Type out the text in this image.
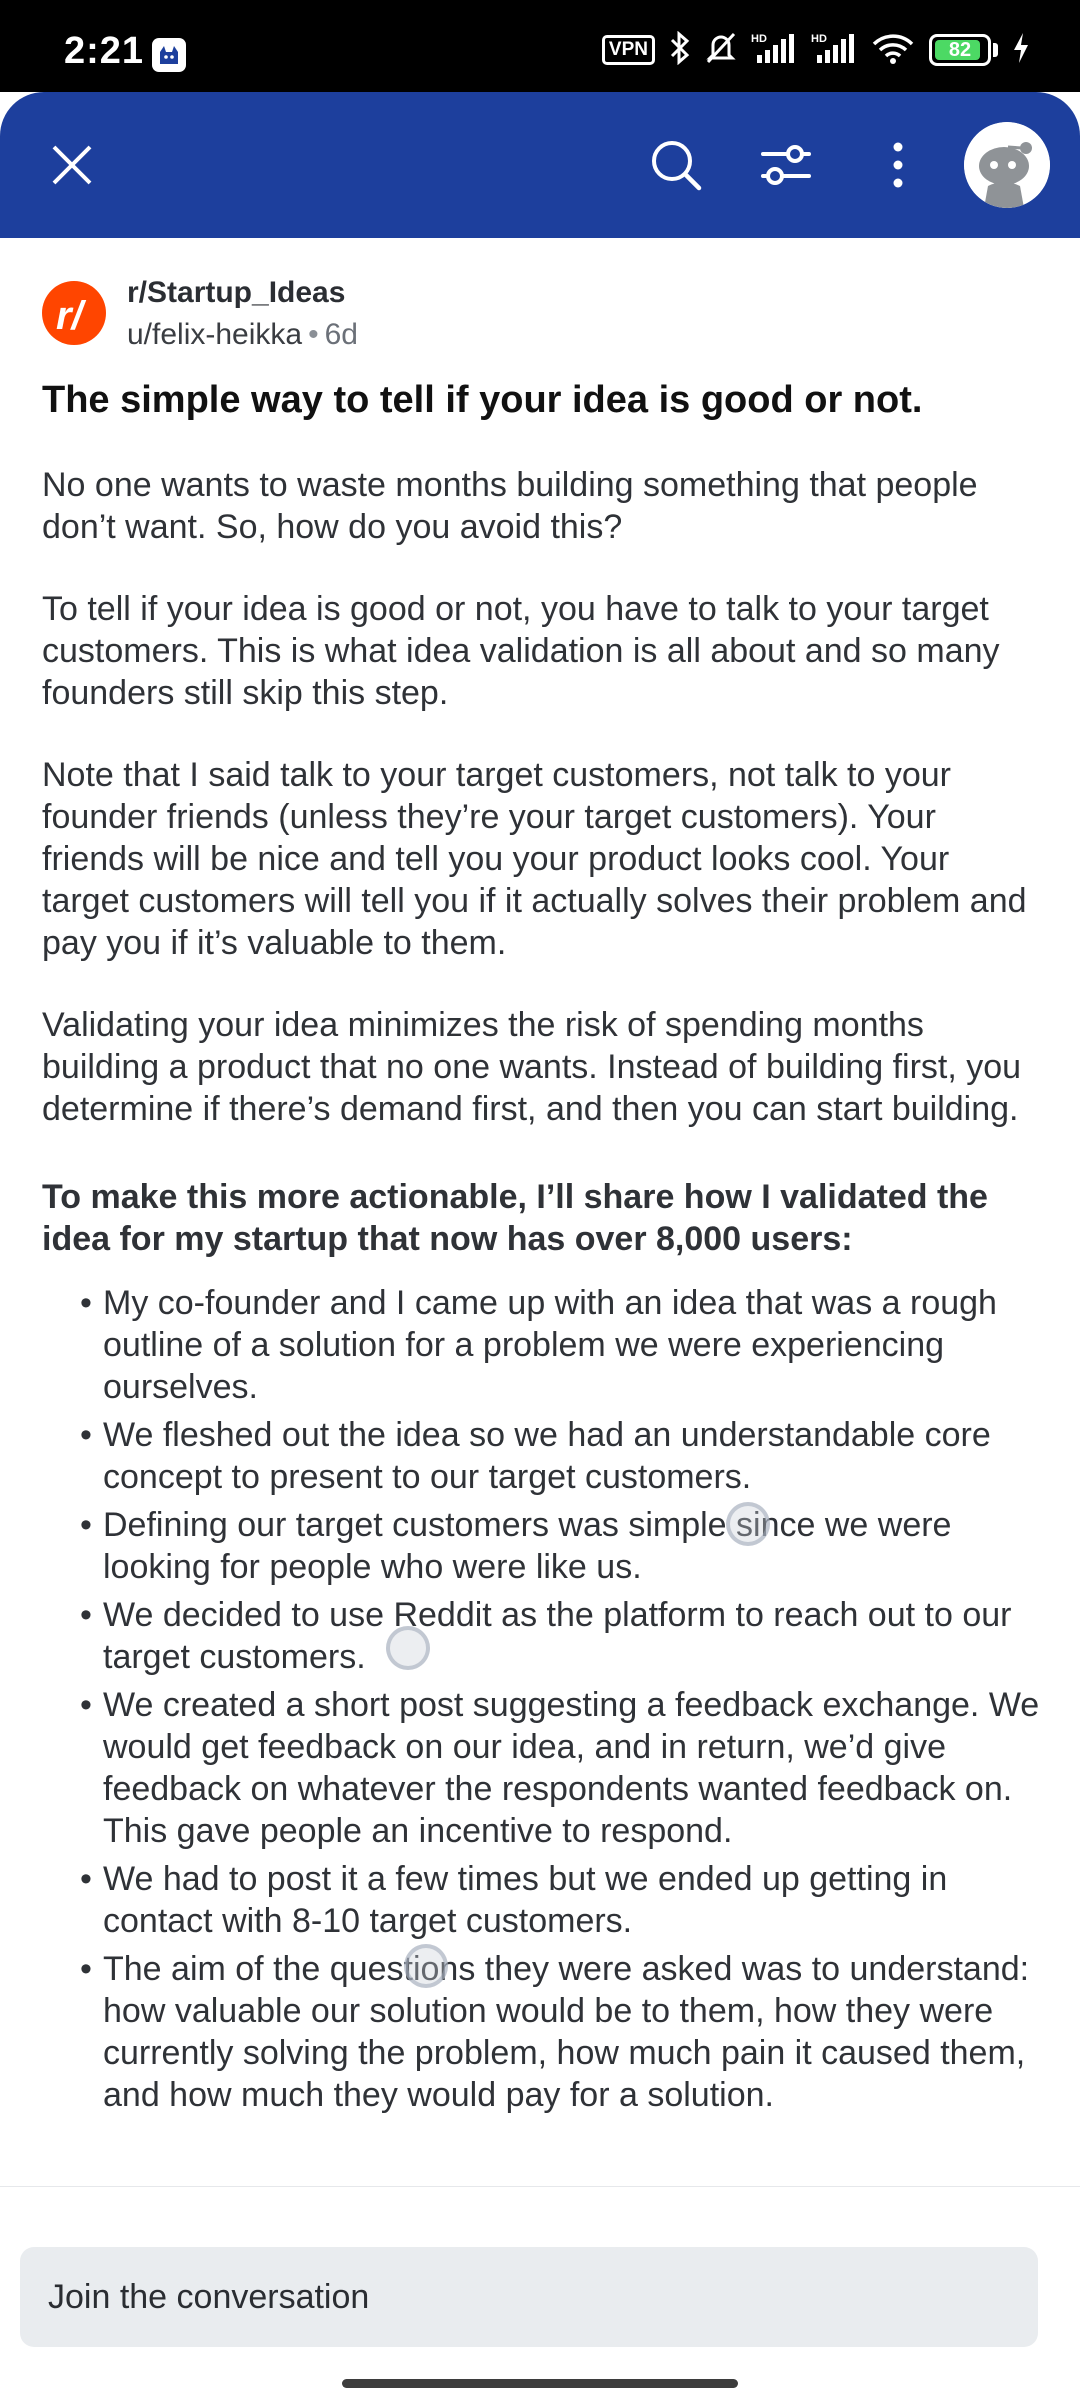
2:21	VPN
HD	HD	82
r/
r/Startup_Ideas
u/felix-heikka • 6d
The simple way to tell if your idea is good or not.

No one wants to waste months building something that people don’t want. So, how do you avoid this?

To tell if your idea is good or not, you have to talk to your target customers. This is what idea validation is all about and so many founders still skip this step.

Note that I said talk to your target customers, not talk to your founder friends (unless they’re your target customers). Your friends will be nice and tell you your product looks cool. Your target customers will tell you if it actually solves their problem and pay you if it’s valuable to them.

Validating your idea minimizes the risk of spending months building a product that no one wants. Instead of building first, you determine if there’s demand first, and then you can start building.

To make this more actionable, I’ll share how I validated the idea for my startup that now has over 8,000 users:

• My co-founder and I came up with an idea that was a rough outline of a solution for a problem we were experiencing ourselves.
• We fleshed out the idea so we had an understandable core concept to present to our target customers.
• Defining our target customers was simple since we were looking for people who were like us.
• We decided to use Reddit as the platform to reach out to our target customers.
• We created a short post suggesting a feedback exchange. We would get feedback on our idea, and in return, we’d give feedback on whatever the respondents wanted feedback on. This gave people an incentive to respond.
• We had to post it a few times but we ended up getting in contact with 8-10 target customers.
• The aim of the questions they were asked was to understand: how valuable our solution would be to them, how they were currently solving the problem, how much pain it caused them, and how much they would pay for a solution.
Join the conversation
